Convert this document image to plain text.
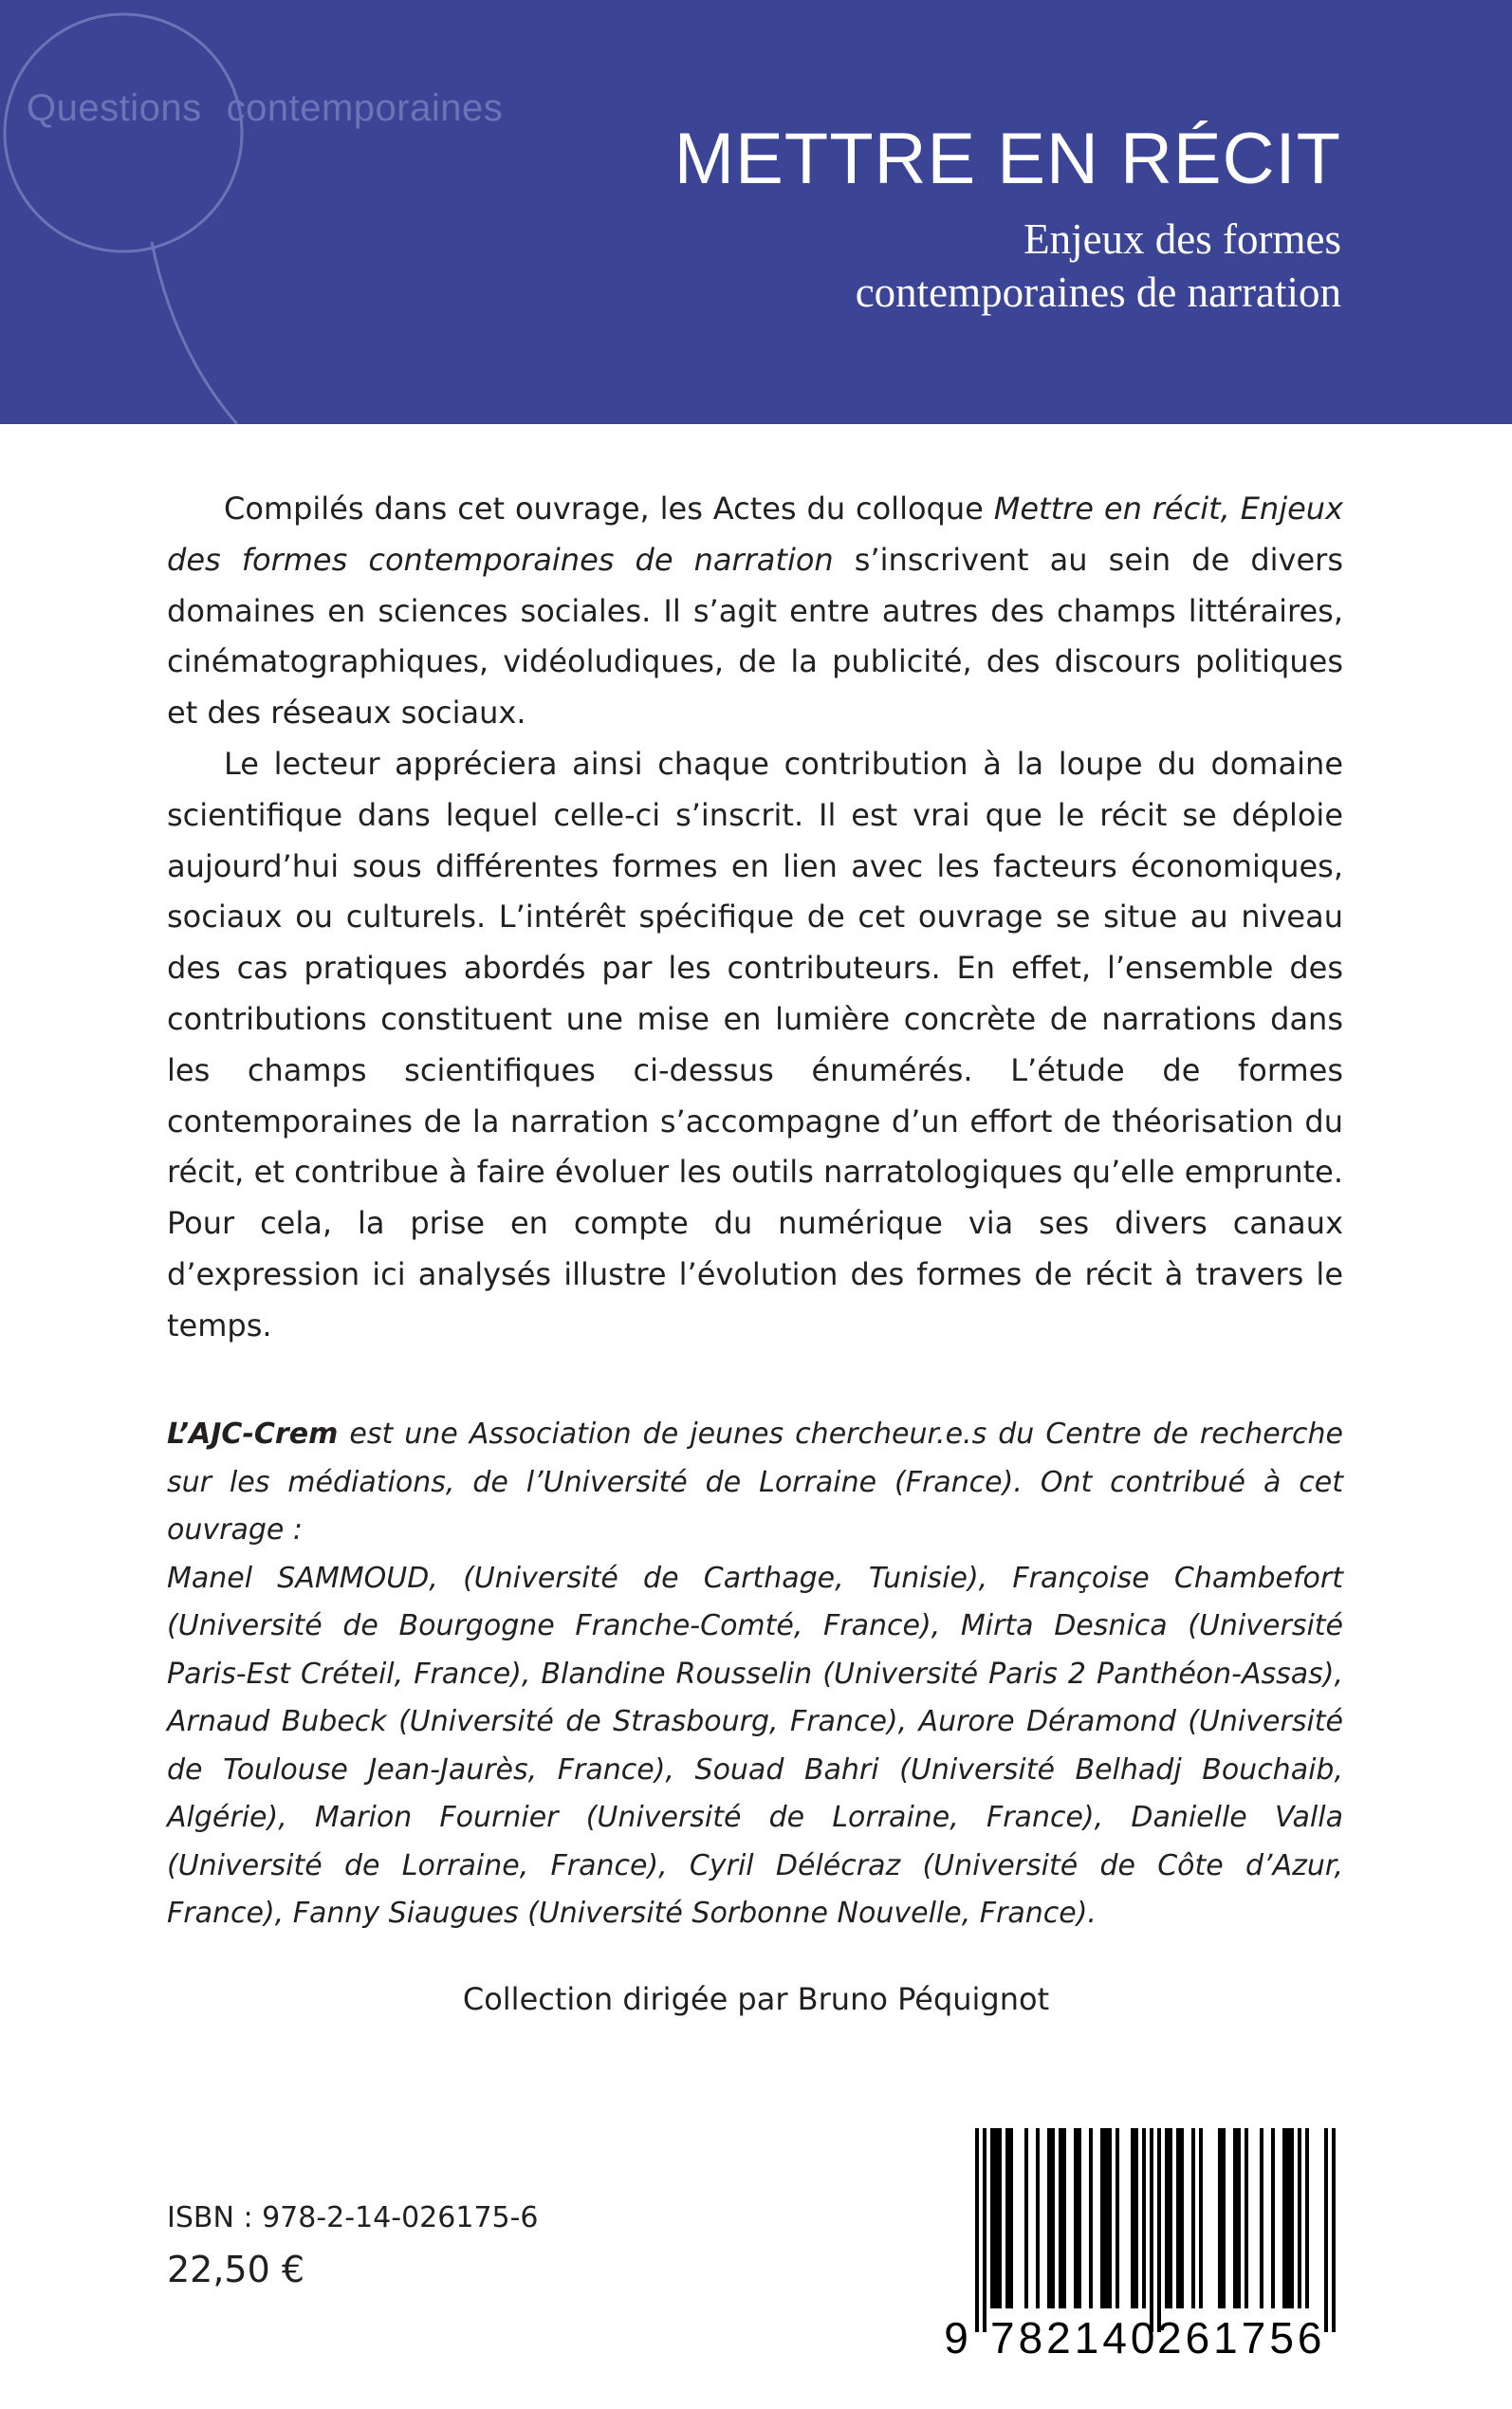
Questions contemporaines
METTRE EN RÉCIT
Enjeux des formes
contemporaines de narration

Compilés dans cet ouvrage, les Actes du colloque Mettre en récit, Enjeux des formes contemporaines de narration s’inscrivent au sein de divers domaines en sciences sociales. Il s’agit entre autres des champs littéraires, cinématographiques, vidéoludiques, de la publicité, des discours politiques et des réseaux sociaux.

Le lecteur appréciera ainsi chaque contribution à la loupe du domaine scientifique dans lequel celle-ci s’inscrit. Il est vrai que le récit se déploie aujourd’hui sous différentes formes en lien avec les facteurs économiques, sociaux ou culturels. L’intérêt spécifique de cet ouvrage se situe au niveau des cas pratiques abordés par les contributeurs. En effet, l’ensemble des contributions constituent une mise en lumière concrète de narrations dans les champs scientifiques ci-dessus énumérés. L’étude de formes contemporaines de la narration s’accompagne d’un effort de théorisation du récit, et contribue à faire évoluer les outils narratologiques qu’elle emprunte. Pour cela, la prise en compte du numérique via ses divers canaux d’expression ici analysés illustre l’évolution des formes de récit à travers le temps.

L’AJC-Crem est une Association de jeunes chercheur.e.s du Centre de recherche sur les médiations, de l’Université de Lorraine (France). Ont contribué à cet ouvrage :

Manel SAMMOUD, (Université de Carthage, Tunisie), Françoise Chambefort (Université de Bourgogne Franche-Comté, France), Mirta Desnica (Université Paris-Est Créteil, France), Blandine Rousselin (Université Paris 2 Panthéon-Assas), Arnaud Bubeck (Université de Strasbourg, France), Aurore Déramond (Université de Toulouse Jean-Jaurès, France), Souad Bahri (Université Belhadj Bouchaib, Algérie), Marion Fournier (Université de Lorraine, France), Danielle Valla (Université de Lorraine, France), Cyril Délécraz (Université de Côte d’Azur, France), Fanny Siaugues (Université Sorbonne Nouvelle, France).

Collection dirigée par Bruno Péquignot
ISBN : 978-2-14-026175-6
22,50 €
9 782140
261756
